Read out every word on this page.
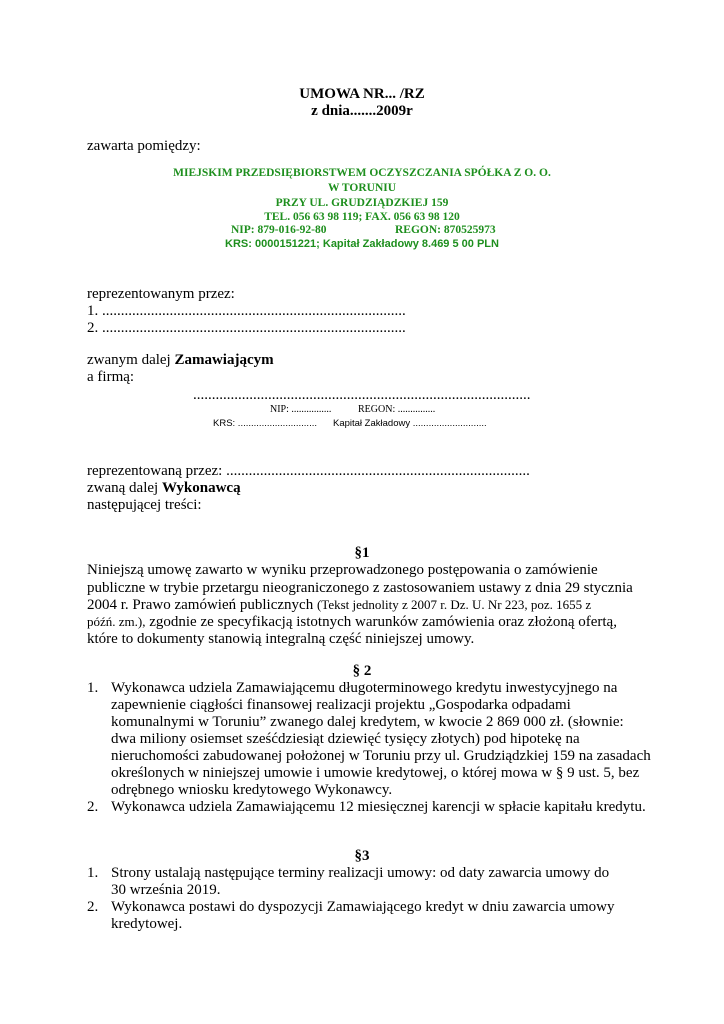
UMOWA NR... /RZ
z dnia.......2009r
zawarta pomiędzy:
MIEJSKIM PRZEDSIĘBIORSTWEM OCZYSZCZANIA SPÓŁKA Z O. O.
W TORUNIU
PRZY UL. GRUDZIĄDZKIEJ 159
TEL. 056 63 98 119; FAX. 056 63 98 120
NIP: 879-016-92-80	REGON: 870525973
KRS: 0000151221; Kapitał Zakładowy 8.469 5 00 PLN
reprezentowanym przez:
1. .................................................................................
2. .................................................................................
zwanym dalej Zamawiającym
a firmą:
..........................................................................................
NIP: ................	REGON: ...............
KRS: .............................. Kapitał Zakładowy ............................
reprezentowaną przez: .................................................................................
zwaną dalej Wykonawcą
następującej treści:
§1
Niniejszą umowę zawarto w wyniku przeprowadzonego postępowania o zamówienie
publiczne w trybie przetargu nieograniczonego z zastosowaniem ustawy z dnia 29 stycznia
2004 r. Prawo zamówień publicznych (Tekst jednolity z 2007 r. Dz. U. Nr 223, poz. 1655 z
późń. zm.), zgodnie ze specyfikacją istotnych warunków zamówienia oraz złożoną ofertą,
które to dokumenty stanowią integralną część niniejszej umowy.
§ 2
1. Wykonawca udziela Zamawiającemu długoterminowego kredytu inwestycyjnego na
zapewnienie ciągłości finansowej realizacji projektu „Gospodarka odpadami
komunalnymi w Toruniu” zwanego dalej kredytem, w kwocie 2 869 000 zł. (słownie:
dwa miliony osiemset sześćdziesiąt dziewięć tysięcy złotych) pod hipotekę na
nieruchomości zabudowanej położonej w Toruniu przy ul. Grudziądzkiej 159 na zasadach
określonych w niniejszej umowie i umowie kredytowej, o której mowa w § 9 ust. 5, bez
odrębnego wniosku kredytowego Wykonawcy.
2. Wykonawca udziela Zamawiającemu 12 miesięcznej karencji w spłacie kapitału kredytu.
§3
1. Strony ustalają następujące terminy realizacji umowy: od daty zawarcia umowy do
30 września 2019.
2. Wykonawca postawi do dyspozycji Zamawiającego kredyt w dniu zawarcia umowy
kredytowej.
